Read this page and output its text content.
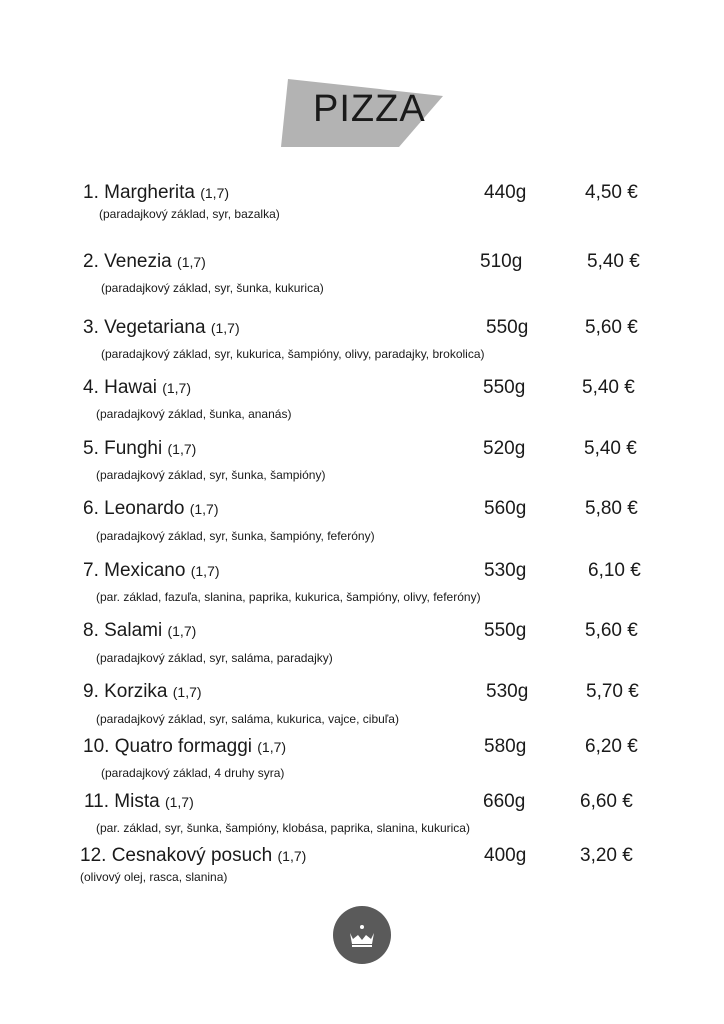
PIZZA
1. Margherita (1,7)	440g	4,50 €
(paradajkový základ, syr, bazalka)
2. Venezia (1,7)	510g	5,40 €
(paradajkový základ, syr, šunka, kukurica)
3. Vegetariana (1,7)	550g	5,60 €
(paradajkový základ, syr, kukurica, šampióny, olivy, paradajky, brokolica)
4. Hawai (1,7)	550g	5,40 €
(paradajkový základ, šunka, ananás)
5. Funghi (1,7)	520g	5,40 €
(paradajkový základ, syr, šunka, šampióny)
6. Leonardo (1,7)	560g	5,80 €
(paradajkový základ, syr, šunka, šampióny, feferóny)
7. Mexicano (1,7)	530g	6,10 €
(par. základ, fazuľa, slanina, paprika, kukurica, šampióny, olivy, feferóny)
8. Salami (1,7)	550g	5,60 €
(paradajkový základ, syr, saláma, paradajky)
9. Korzika (1,7)	530g	5,70 €
(paradajkový základ, syr, saláma, kukurica, vajce, cibuľa)
10. Quatro formaggi (1,7)	580g	6,20 €
(paradajkový základ, 4 druhy syra)
11. Mista (1,7)	660g	6,60 €
(par. základ, syr, šunka, šampióny, klobása, paprika, slanina, kukurica)
12. Cesnakový posuch (1,7)	400g	3,20 €
(olivový olej, rasca, slanina)
